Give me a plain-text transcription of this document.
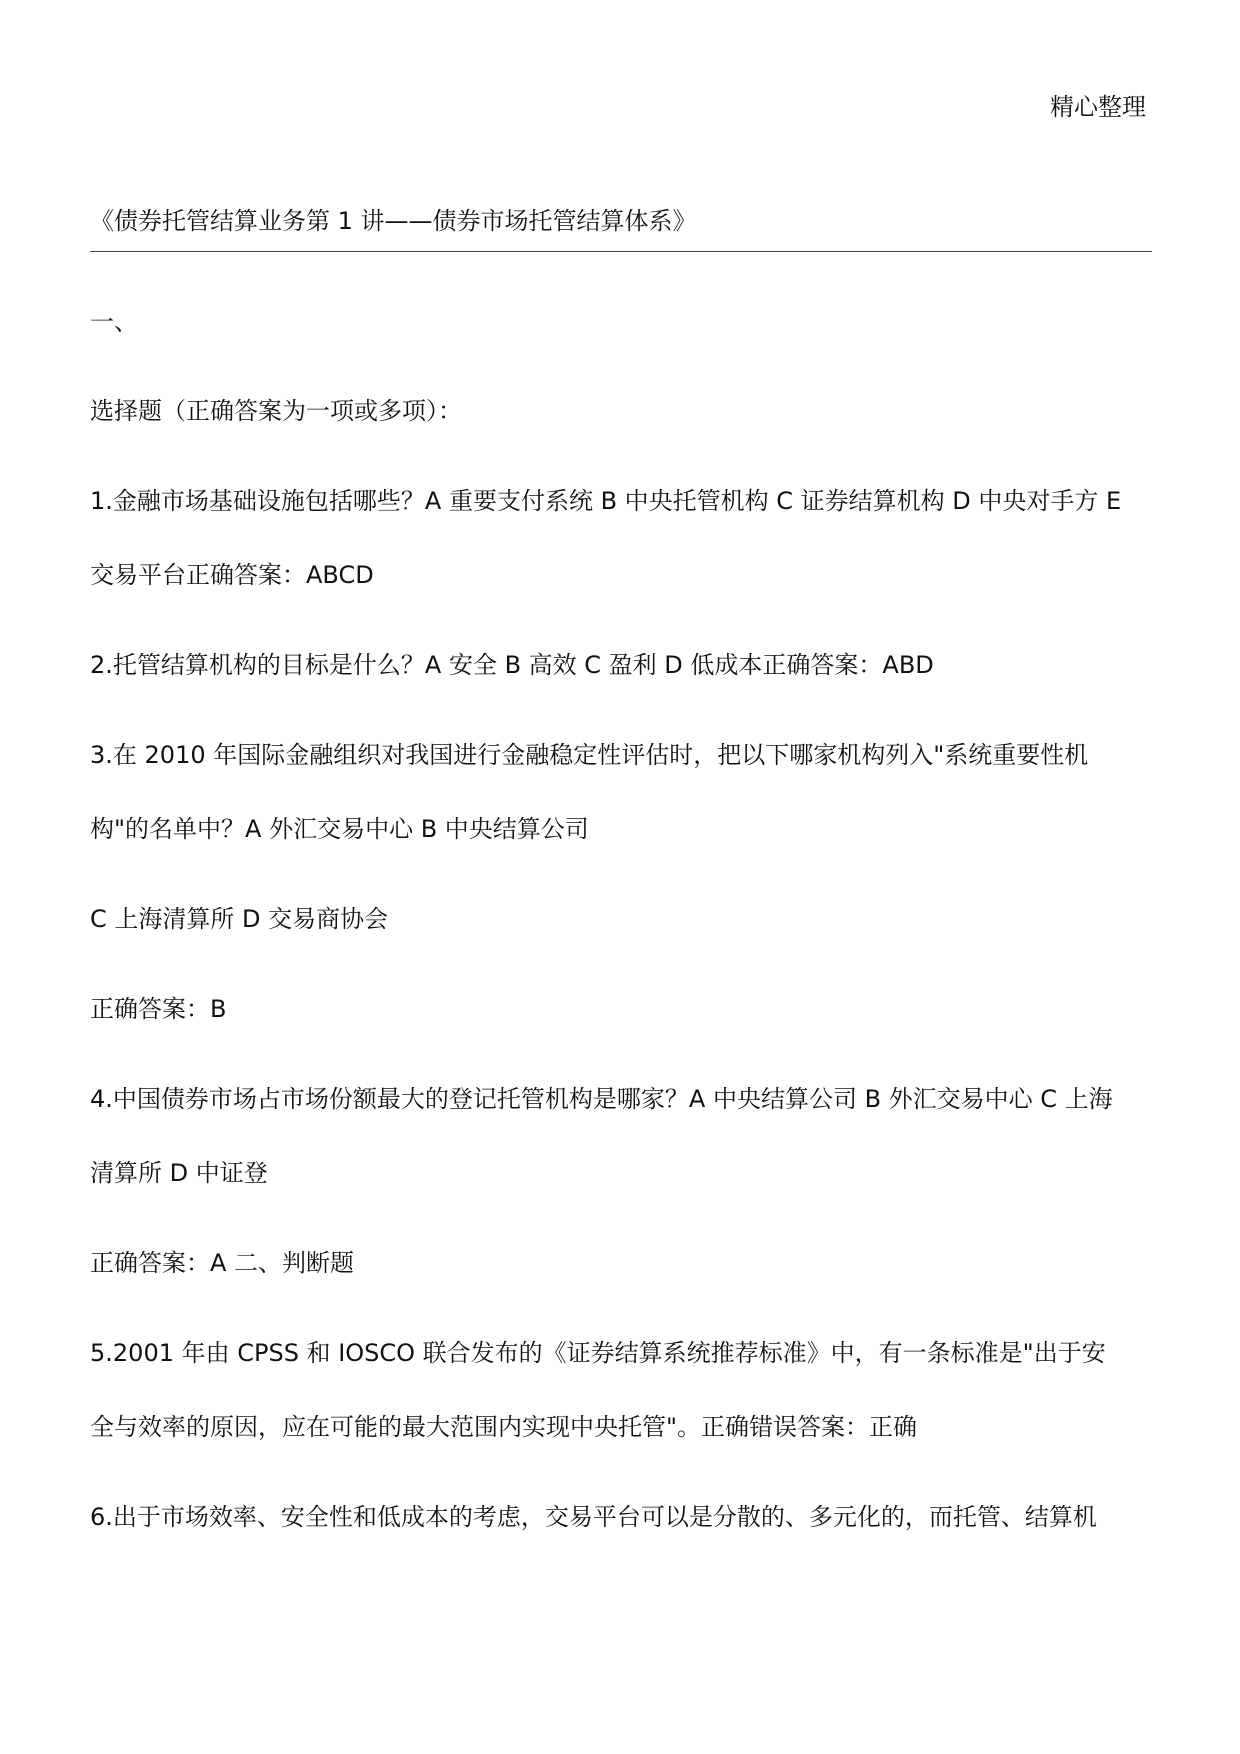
精心整理
《债券托管结算业务第 1 讲——债券市场托管结算体系》
一、
选择题（正确答案为一项或多项）：
1.金融市场基础设施包括哪些？A 重要支付系统 B 中央托管机构 C 证券结算机构 D 中央对手方 E
交易平台正确答案：ABCD
2.托管结算机构的目标是什么？A 安全 B 高效 C 盈利 D 低成本正确答案：ABD
3.在 2010 年国际金融组织对我国进行金融稳定性评估时，把以下哪家机构列入"系统重要性机
构"的名单中？A 外汇交易中心 B 中央结算公司
C 上海清算所 D 交易商协会
正确答案：B
4.中国债券市场占市场份额最大的登记托管机构是哪家？A 中央结算公司 B 外汇交易中心 C 上海
清算所 D 中证登
正确答案：A 二、判断题
5.2001 年由 CPSS 和 IOSCO 联合发布的《证券结算系统推荐标准》中，有一条标准是"出于安
全与效率的原因，应在可能的最大范围内实现中央托管"。正确错误答案：正确
6.出于市场效率、安全性和低成本的考虑，交易平台可以是分散的、多元化的，而托管、结算机
